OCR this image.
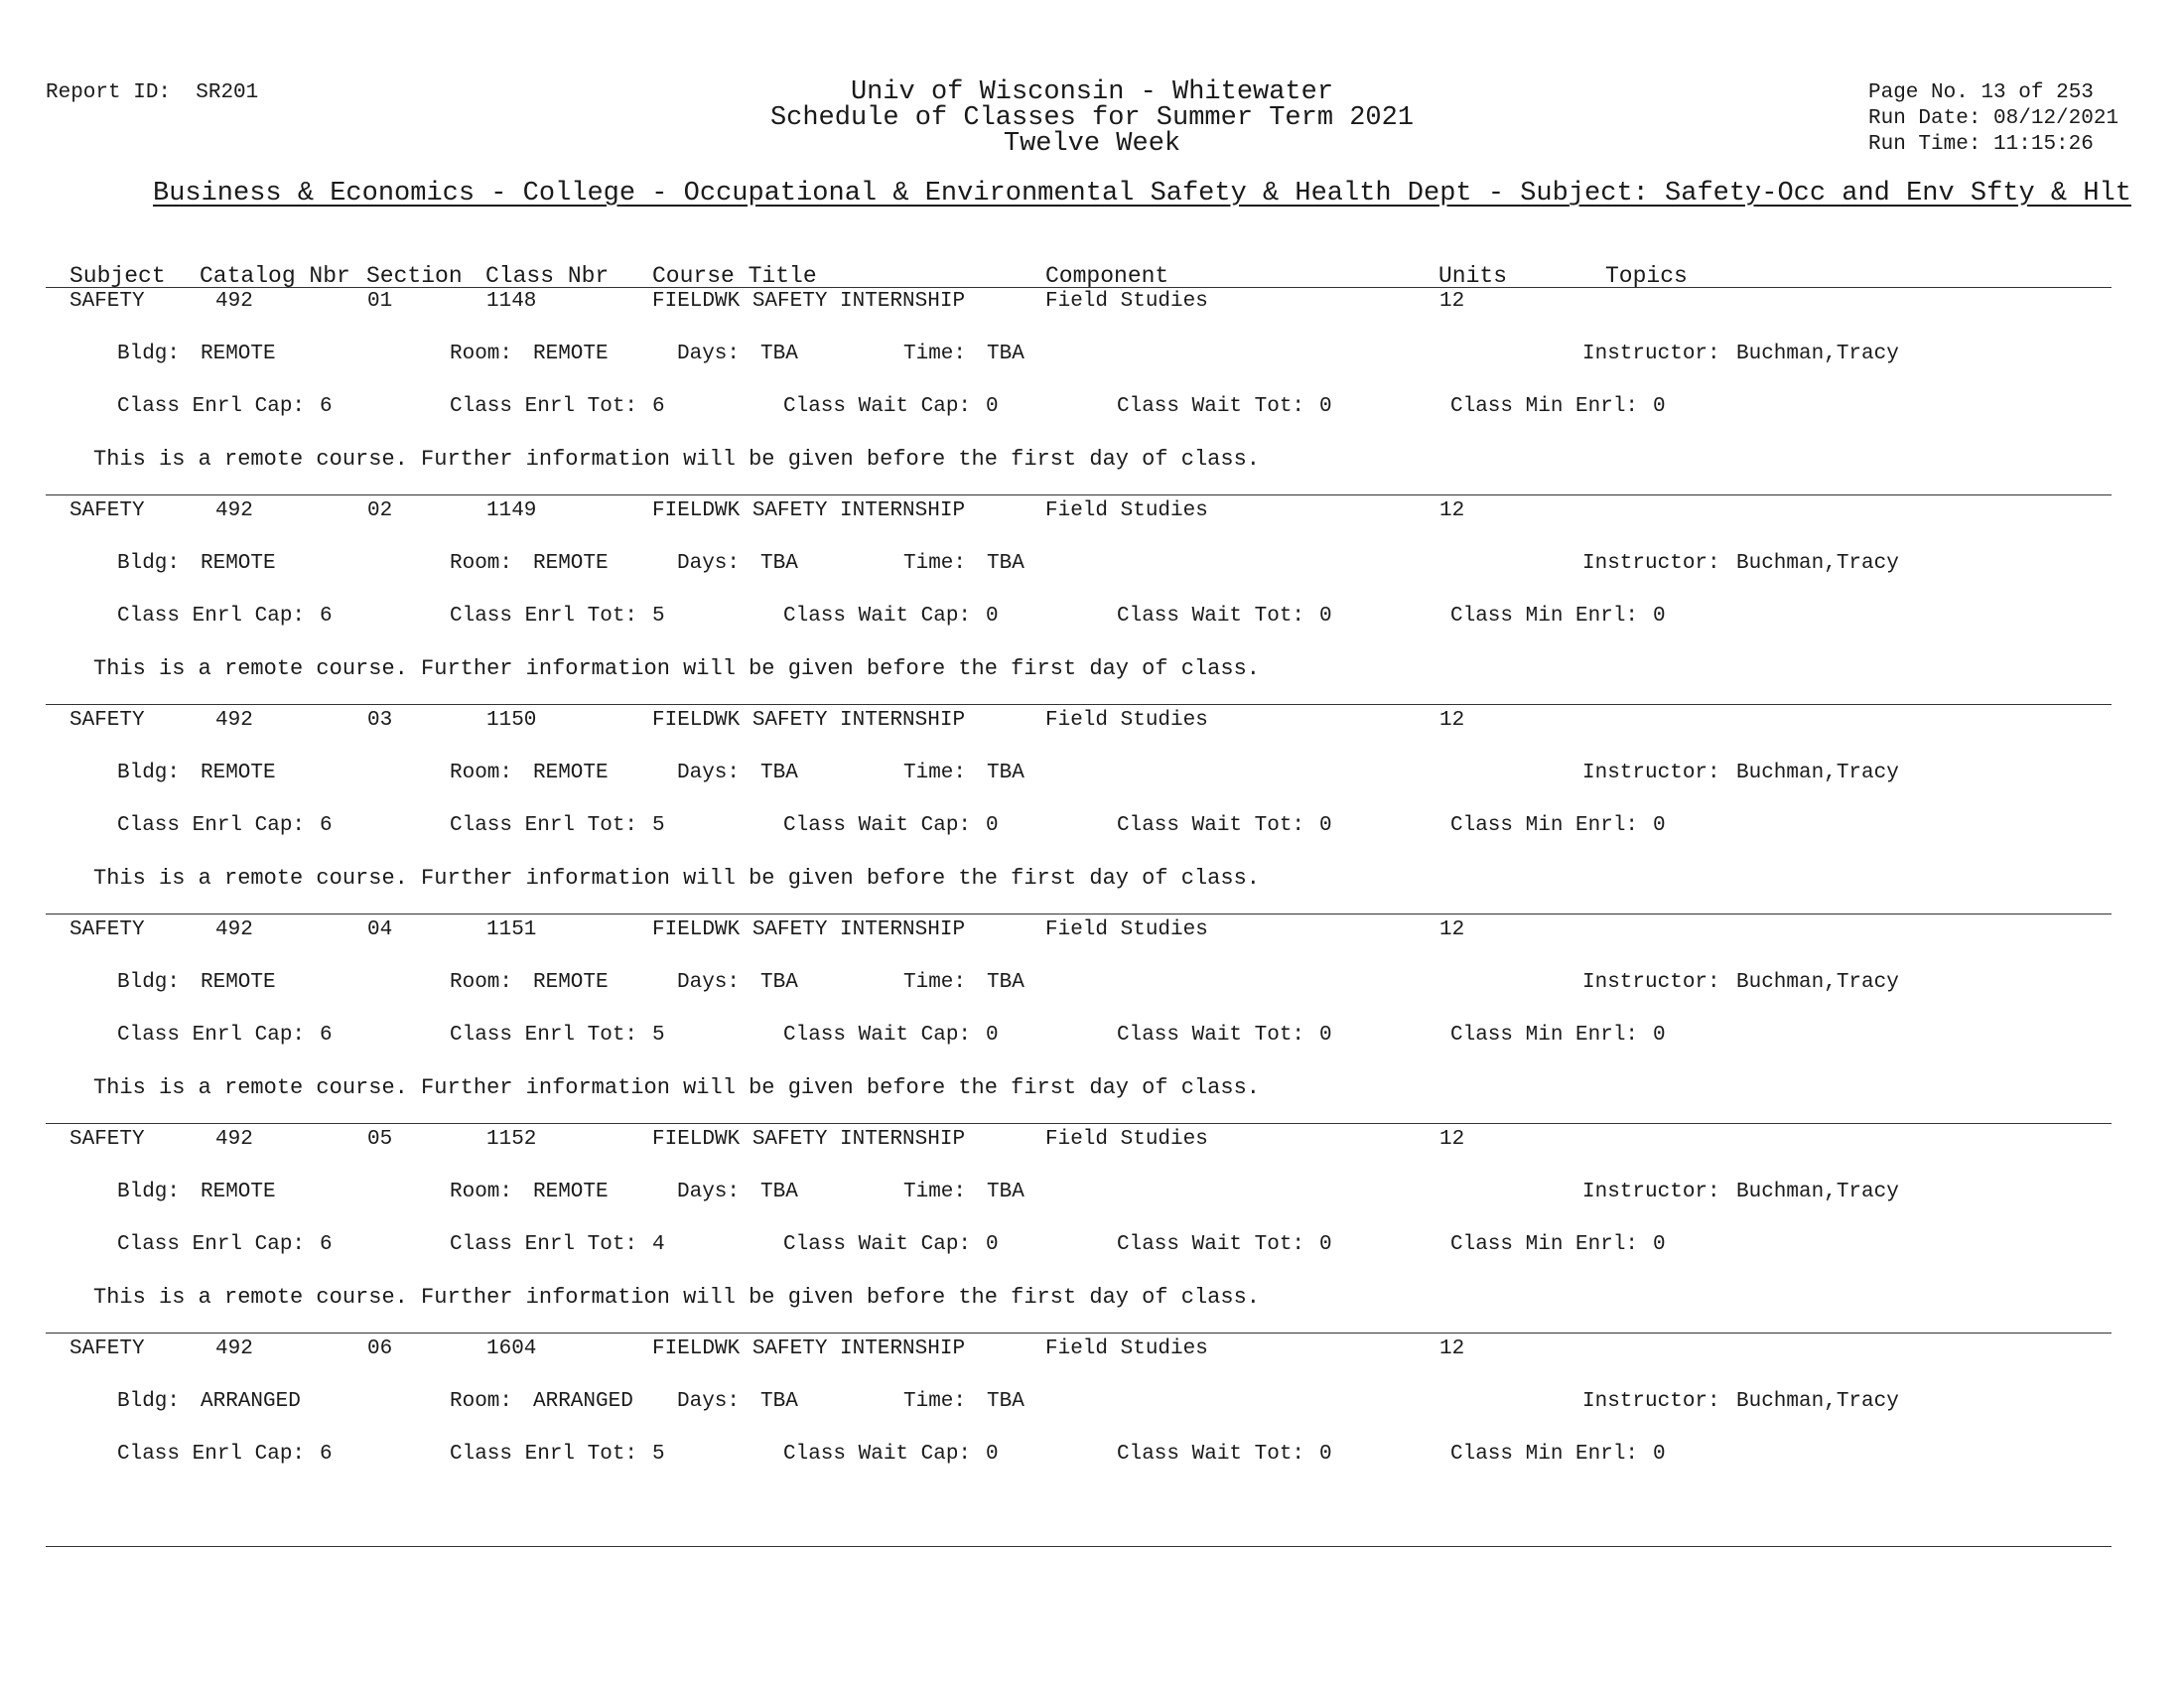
Report ID: SR201	Univ of Wisconsin - Whitewater
Schedule of Classes for Summer Term 2021
Twelve Week
Page No. 13 of 253
Run Date: 08/12/2021
Run Time: 11:15:26
Business & Economics - College - Occupational & Environmental Safety & Health Dept - Subject: Safety-Occ and Env Sfty & Hlt
Subject Catalog Nbr Section Class Nbr Course Title	Component	Units	Topics
SAFETY	492	01	1148	FIELDWK SAFETY INTERNSHIP	Field Studies	12
Bldg: REMOTE	Room: REMOTE	Days: TBA	Time: TBA	Instructor: Buchman,Tracy
Class Enrl Cap: 6	Class Enrl Tot: 6	Class Wait Cap: 0	Class Wait Tot: 0	Class Min Enrl: 0
This is a remote course. Further information will be given before the first day of class.
SAFETY	492	02	1149	FIELDWK SAFETY INTERNSHIP	Field Studies	12
Bldg: REMOTE	Room: REMOTE	Days: TBA	Time: TBA	Instructor: Buchman,Tracy
Class Enrl Cap: 6	Class Enrl Tot: 5	Class Wait Cap: 0	Class Wait Tot: 0	Class Min Enrl: 0
This is a remote course. Further information will be given before the first day of class.
SAFETY	492	03	1150	FIELDWK SAFETY INTERNSHIP	Field Studies	12
Bldg: REMOTE	Room: REMOTE	Days: TBA	Time: TBA	Instructor: Buchman,Tracy
Class Enrl Cap: 6	Class Enrl Tot: 5	Class Wait Cap: 0	Class Wait Tot: 0	Class Min Enrl: 0
This is a remote course. Further information will be given before the first day of class.
SAFETY	492	04	1151	FIELDWK SAFETY INTERNSHIP	Field Studies	12
Bldg: REMOTE	Room: REMOTE	Days: TBA	Time: TBA	Instructor: Buchman,Tracy
Class Enrl Cap: 6	Class Enrl Tot: 5	Class Wait Cap: 0	Class Wait Tot: 0	Class Min Enrl: 0
This is a remote course. Further information will be given before the first day of class.
SAFETY	492	05	1152	FIELDWK SAFETY INTERNSHIP	Field Studies	12
Bldg: REMOTE	Room: REMOTE	Days: TBA	Time: TBA	Instructor: Buchman,Tracy
Class Enrl Cap: 6	Class Enrl Tot: 4	Class Wait Cap: 0	Class Wait Tot: 0	Class Min Enrl: 0
This is a remote course. Further information will be given before the first day of class.
SAFETY	492	06	1604	FIELDWK SAFETY INTERNSHIP	Field Studies	12
Bldg: ARRANGED	Room: ARRANGED Days: TBA	Time: TBA	Instructor: Buchman,Tracy
Class Enrl Cap: 6	Class Enrl Tot: 5	Class Wait Cap: 0	Class Wait Tot: 0	Class Min Enrl: 0
